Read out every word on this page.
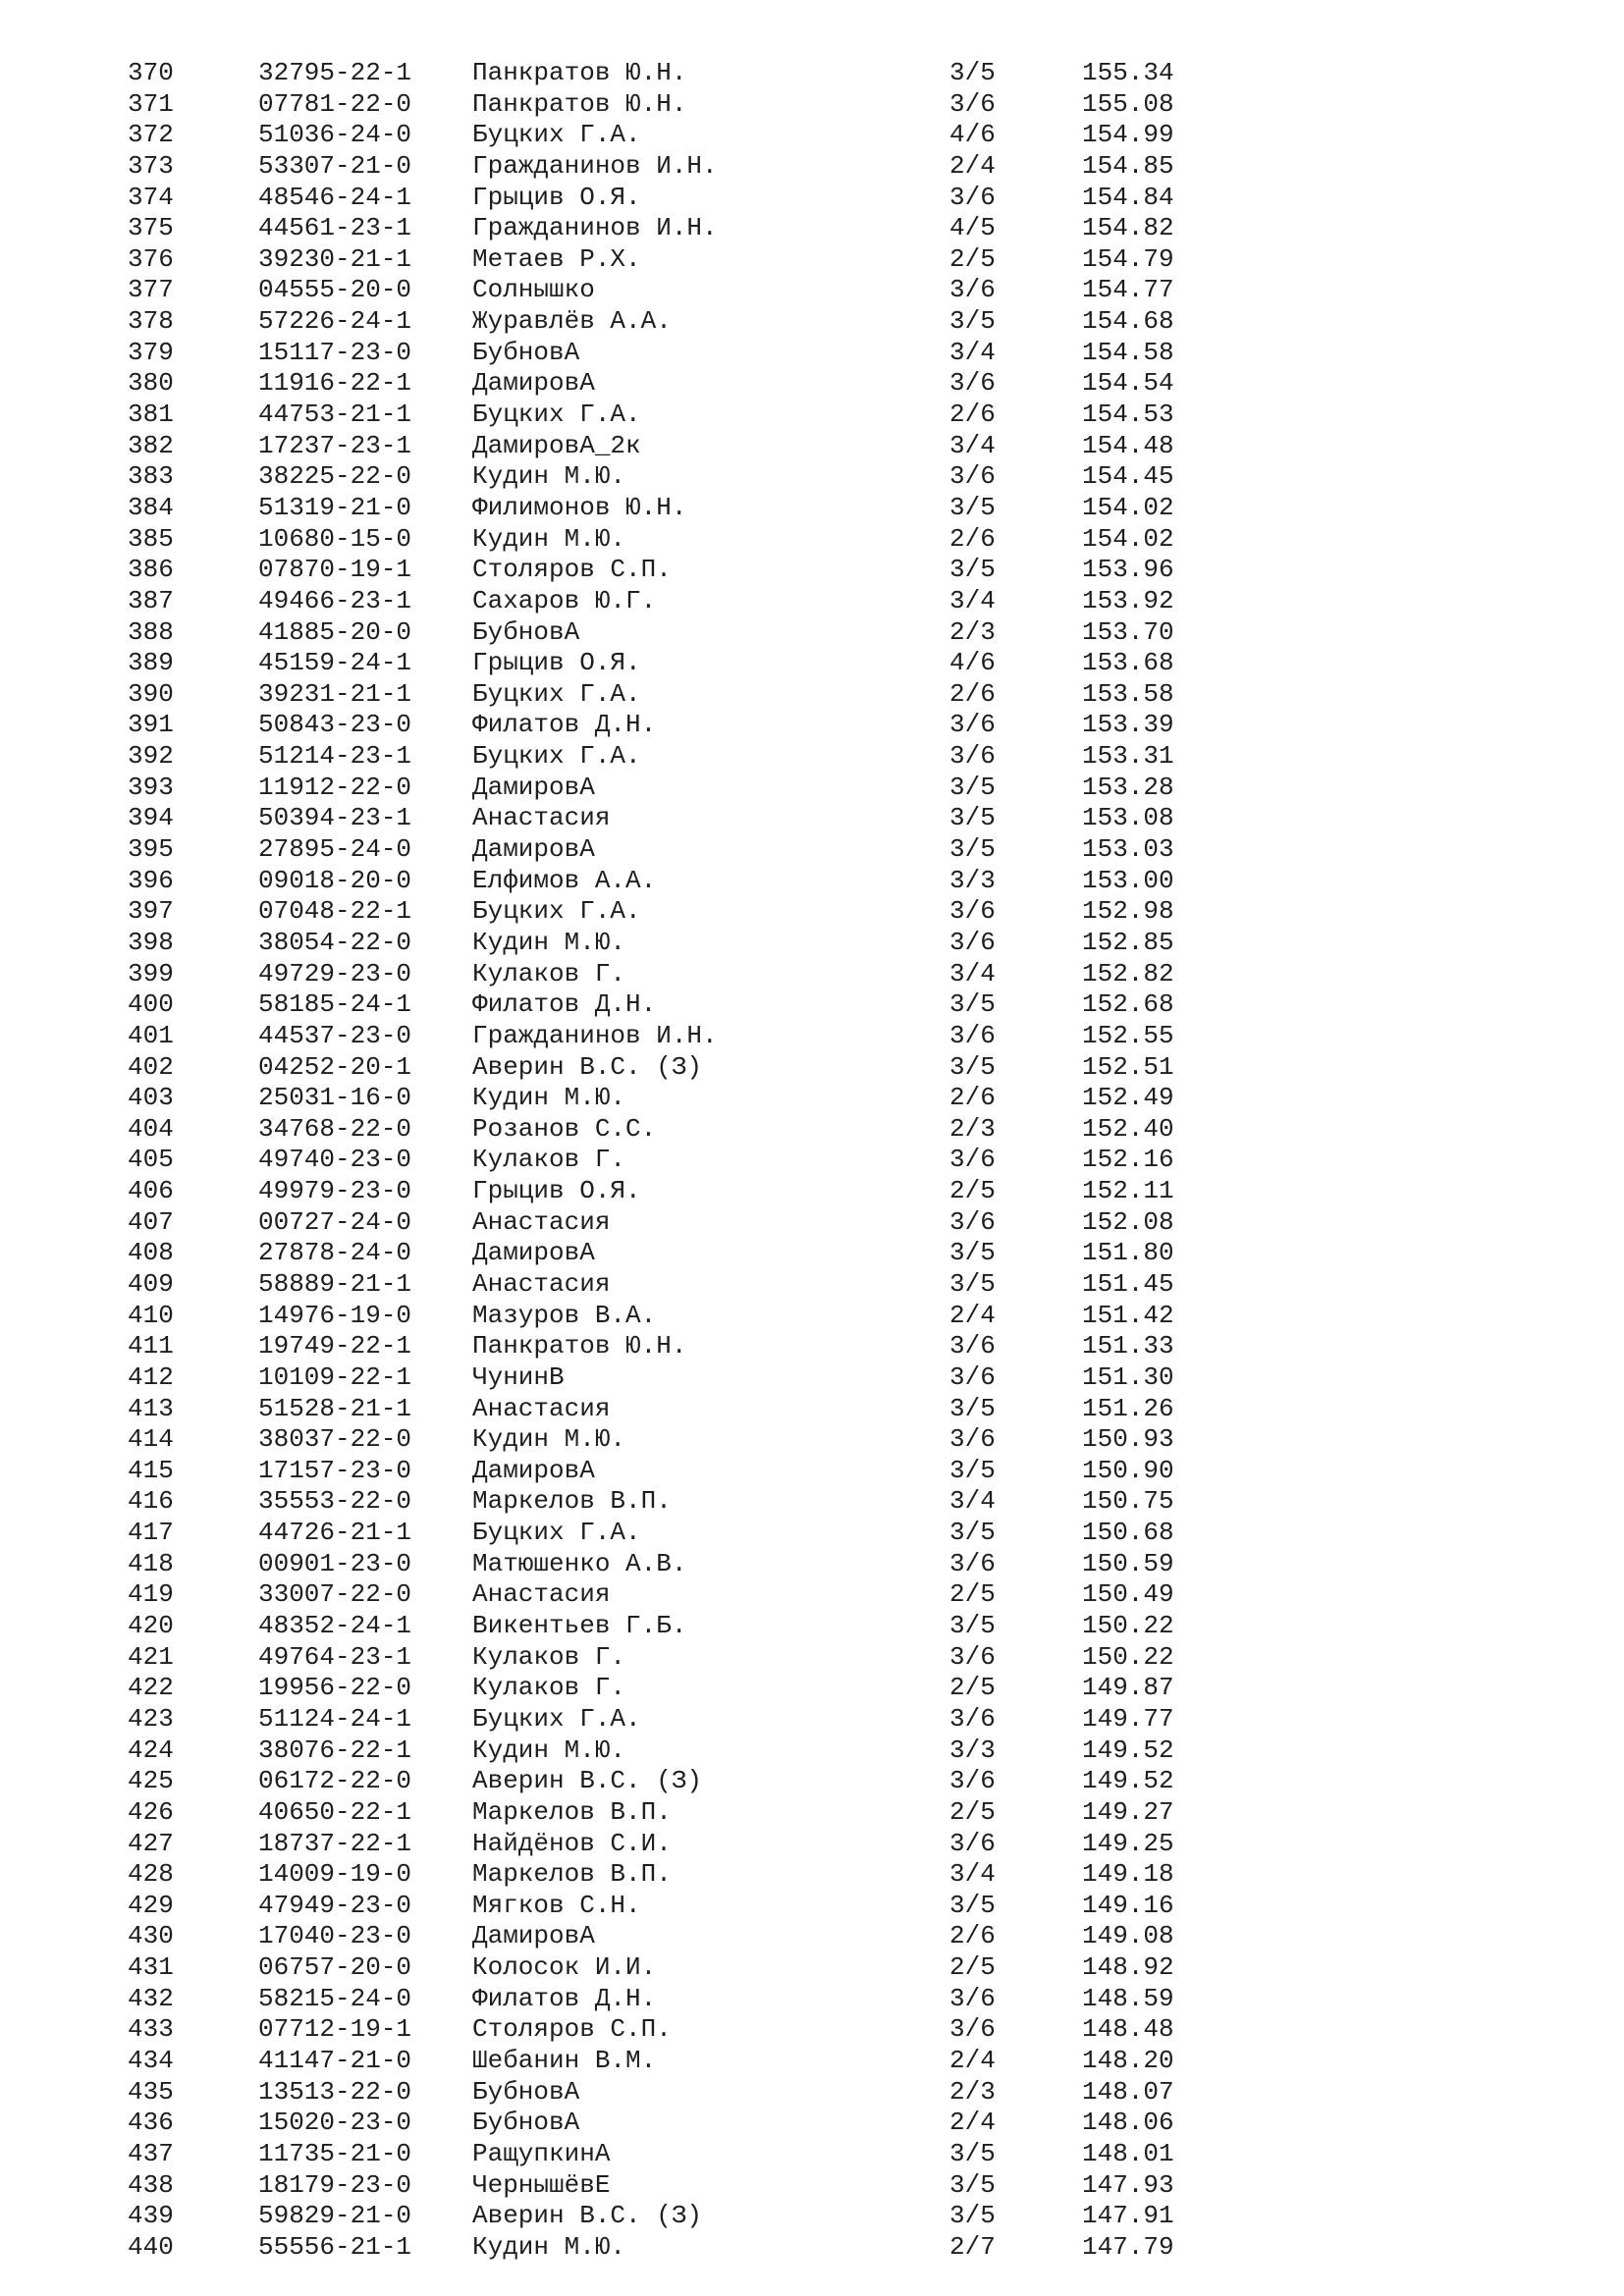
370	32795-22-1 Панкратов Ю.Н.	3/5	155.34
371	07781-22-0 Панкратов Ю.Н.	3/6	155.08
372	51036-24-0 Буцких Г.А.	4/6	154.99
373	53307-21-0 Гражданинов И.Н.	2/4	154.85
374	48546-24-1 Грыцив О.Я.	3/6	154.84
375	44561-23-1 Гражданинов И.Н.	4/5	154.82
376	39230-21-1 Метаев Р.Х.	2/5	154.79
377	04555-20-0 Солнышко	3/6	154.77
378	57226-24-1 Журавлёв А.А.	3/5	154.68
379	15117-23-0 БубновА	3/4	154.58
380	11916-22-1 ДамировА	3/6	154.54
381	44753-21-1 Буцких Г.А.	2/6	154.53
382	17237-23-1 ДамировА_2к	3/4	154.48
383	38225-22-0 Кудин М.Ю.	3/6	154.45
384	51319-21-0 Филимонов Ю.Н.	3/5	154.02
385	10680-15-0 Кудин М.Ю.	2/6	154.02
386	07870-19-1 Столяров С.П.	3/5	153.96
387	49466-23-1 Сахаров Ю.Г.	3/4	153.92
388	41885-20-0 БубновА	2/3	153.70
389	45159-24-1 Грыцив О.Я.	4/6	153.68
390	39231-21-1 Буцких Г.А.	2/6	153.58
391	50843-23-0 Филатов Д.Н.	3/6	153.39
392	51214-23-1 Буцких Г.А.	3/6	153.31
393	11912-22-0 ДамировА	3/5	153.28
394	50394-23-1 Анастасия	3/5	153.08
395	27895-24-0 ДамировА	3/5	153.03
396	09018-20-0 Елфимов А.А.	3/3	153.00
397	07048-22-1 Буцких Г.А.	3/6	152.98
398	38054-22-0 Кудин М.Ю.	3/6	152.85
399	49729-23-0 Кулаков Г.	3/4	152.82
400	58185-24-1 Филатов Д.Н.	3/5	152.68
401	44537-23-0 Гражданинов И.Н.	3/6	152.55
402	04252-20-1 Аверин В.С. (З)	3/5	152.51
403	25031-16-0 Кудин М.Ю.	2/6	152.49
404	34768-22-0 Розанов С.С.	2/3	152.40
405	49740-23-0 Кулаков Г.	3/6	152.16
406	49979-23-0 Грыцив О.Я.	2/5	152.11
407	00727-24-0 Анастасия	3/6	152.08
408	27878-24-0 ДамировА	3/5	151.80
409	58889-21-1 Анастасия	3/5	151.45
410	14976-19-0 Мазуров В.А.	2/4	151.42
411	19749-22-1 Панкратов Ю.Н.	3/6	151.33
412	10109-22-1 ЧунинВ	3/6	151.30
413	51528-21-1 Анастасия	3/5	151.26
414	38037-22-0 Кудин М.Ю.	3/6	150.93
415	17157-23-0 ДамировА	3/5	150.90
416	35553-22-0 Маркелов В.П.	3/4	150.75
417	44726-21-1 Буцких Г.А.	3/5	150.68
418	00901-23-0 Матюшенко А.В.	3/6	150.59
419	33007-22-0 Анастасия	2/5	150.49
420	48352-24-1 Викентьев Г.Б.	3/5	150.22
421	49764-23-1 Кулаков Г.	3/6	150.22
422	19956-22-0 Кулаков Г.	2/5	149.87
423	51124-24-1 Буцких Г.А.	3/6	149.77
424	38076-22-1 Кудин М.Ю.	3/3	149.52
425	06172-22-0 Аверин В.С. (З)	3/6	149.52
426	40650-22-1 Маркелов В.П.	2/5	149.27
427	18737-22-1 Найдёнов С.И.	3/6	149.25
428	14009-19-0 Маркелов В.П.	3/4	149.18
429	47949-23-0 Мягков С.Н.	3/5	149.16
430	17040-23-0 ДамировА	2/6	149.08
431	06757-20-0 Колосок И.И.	2/5	148.92
432	58215-24-0 Филатов Д.Н.	3/6	148.59
433	07712-19-1 Столяров С.П.	3/6	148.48
434	41147-21-0 Шебанин В.М.	2/4	148.20
435	13513-22-0 БубновА	2/3	148.07
436	15020-23-0 БубновА	2/4	148.06
437	11735-21-0 РащупкинА	3/5	148.01
438	18179-23-0 ЧернышёвЕ	3/5	147.93
439	59829-21-0 Аверин В.С. (З)	3/5	147.91
440	55556-21-1 Кудин М.Ю.	2/7	147.79
